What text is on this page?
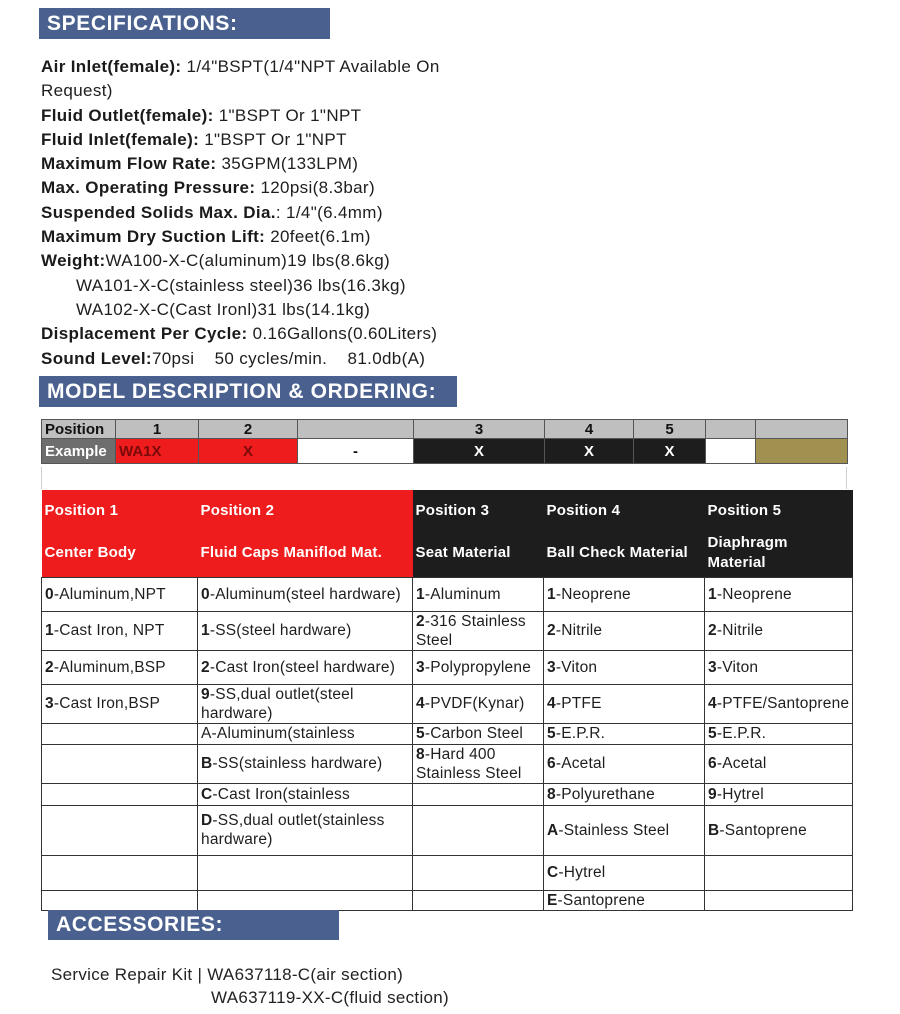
SPECIFICATIONS:
Air Inlet(female): 1/4"BSPT(1/4"NPT Available On
Request)
Fluid Outlet(female): 1"BSPT Or 1"NPT
Fluid Inlet(female): 1"BSPT Or 1"NPT
Maximum Flow Rate: 35GPM(133LPM)
Max. Operating Pressure: 120psi(8.3bar)
Suspended Solids Max. Dia.: 1/4"(6.4mm)
Maximum Dry Suction Lift: 20feet(6.1m)
Weight:WA100-X-C(aluminum)19 lbs(8.6kg)
WA101-X-C(stainless steel)36 lbs(16.3kg)
WA102-X-C(Cast Ironl)31 lbs(14.1kg)
Displacement Per Cycle: 0.16Gallons(0.60Liters)
Sound Level:70psi    50 cycles/min.    81.0db(A)
MODEL DESCRIPTION & ORDERING:
Position	1	2		3	4	5		
Example	WA1X	X	-	X	X	X		
Position 1	Position 2	Position 3	Position 4	Position 5
Center Body	Fluid Caps Maniflod Mat.	Seat Material	Ball Check Material	Diaphragm Material
0-Aluminum,NPT	0-Aluminum(steel hardware)	1-Aluminum	1-Neoprene	1-Neoprene
1-Cast Iron, NPT	1-SS(steel hardware)	2-316 Stainless Steel	2-Nitrile	2-Nitrile
2-Aluminum,BSP	2-Cast Iron(steel hardware)	3-Polypropylene	3-Viton	3-Viton
3-Cast Iron,BSP	9-SS,dual outlet(steel hardware)	4-PVDF(Kynar)	4-PTFE	4-PTFE/Santoprene
	A-Aluminum(stainless	5-Carbon Steel	5-E.P.R.	5-E.P.R.
	B-SS(stainless hardware)	8-Hard 400 Stainless Steel	6-Acetal	6-Acetal
	C-Cast Iron(stainless		8-Polyurethane	9-Hytrel
	D-SS,dual outlet(stainless hardware)		A-Stainless Steel	B-Santoprene
			C-Hytrel	
			E-Santoprene	
ACCESSORIES:
Service Repair Kit | WA637118-C(air section)
WA637119-XX-C(fluid section)
